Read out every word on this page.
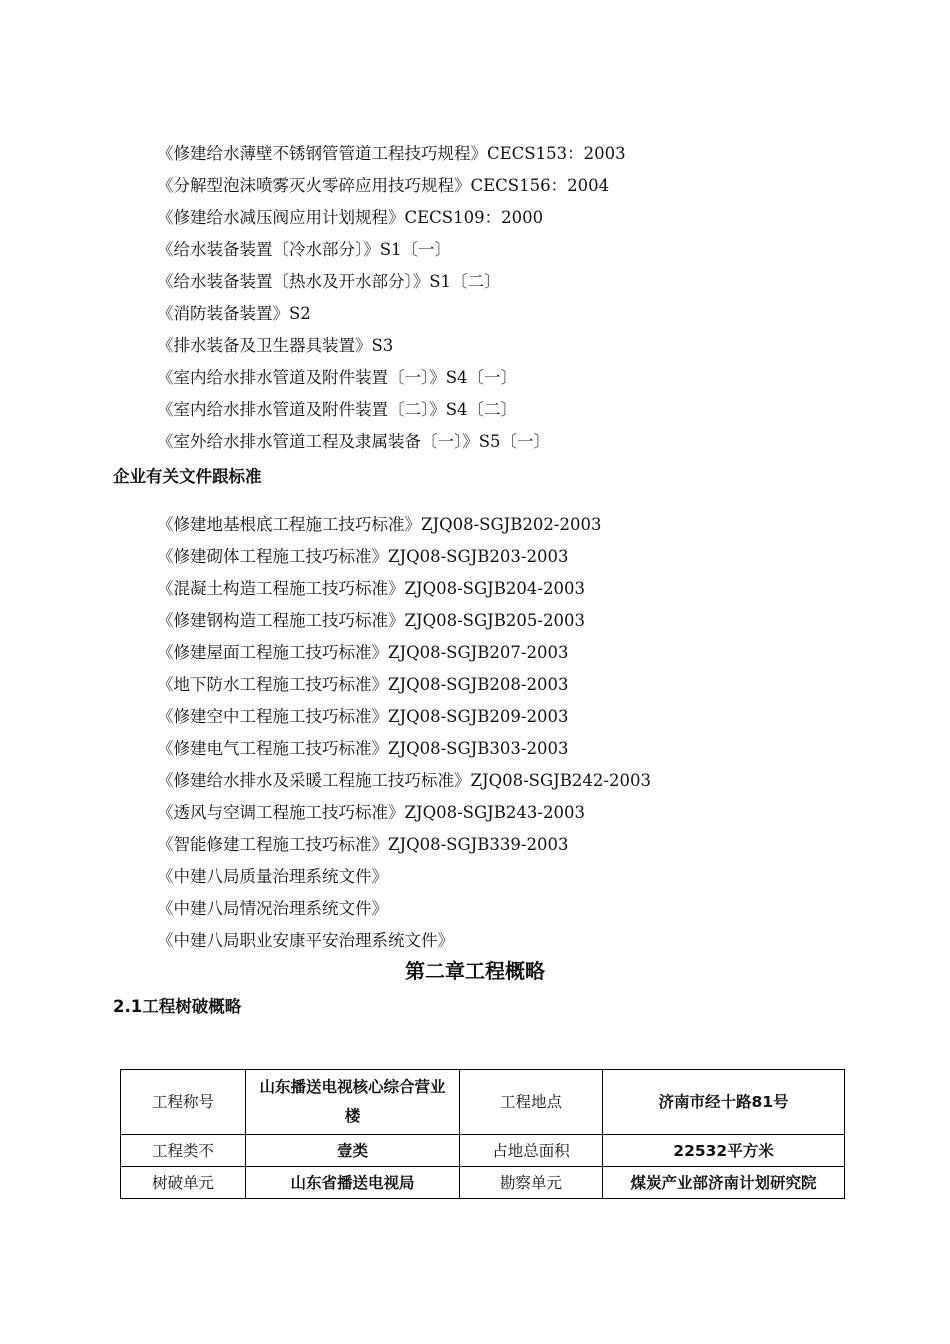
《修建给水薄壁不锈钢管管道工程技巧规程》CECS153：2003
《分解型泡沫喷雾灭火零碎应用技巧规程》CECS156：2004
《修建给水减压阀应用计划规程》CECS109：2000
《给水装备装置〔冷水部分〕》S1〔一〕
《给水装备装置〔热水及开水部分〕》S1〔二〕
《消防装备装置》S2
《排水装备及卫生器具装置》S3
《室内给水排水管道及附件装置〔一〕》S4〔一〕
《室内给水排水管道及附件装置〔二〕》S4〔二〕
《室外给水排水管道工程及隶属装备〔一〕》S5〔一〕
企业有关文件跟标准
《修建地基根底工程施工技巧标准》ZJQ08-SGJB202-2003
《修建砌体工程施工技巧标准》ZJQ08-SGJB203-2003
《混凝土构造工程施工技巧标准》ZJQ08-SGJB204-2003
《修建钢构造工程施工技巧标准》ZJQ08-SGJB205-2003
《修建屋面工程施工技巧标准》ZJQ08-SGJB207-2003
《地下防水工程施工技巧标准》ZJQ08-SGJB208-2003
《修建空中工程施工技巧标准》ZJQ08-SGJB209-2003
《修建电气工程施工技巧标准》ZJQ08-SGJB303-2003
《修建给水排水及采暖工程施工技巧标准》ZJQ08-SGJB242-2003
《透风与空调工程施工技巧标准》ZJQ08-SGJB243-2003
《智能修建工程施工技巧标准》ZJQ08-SGJB339-2003
《中建八局质量治理系统文件》
《中建八局情况治理系统文件》
《中建八局职业安康平安治理系统文件》
第二章工程概略
2.1工程树破概略
工程称号	山东播送电视核心综合营业楼	工程地点	济南市经十路81号
工程类不	壹类	占地总面积	22532平方米
树破单元	山东省播送电视局	勘察单元	煤炭产业部济南计划研究院
